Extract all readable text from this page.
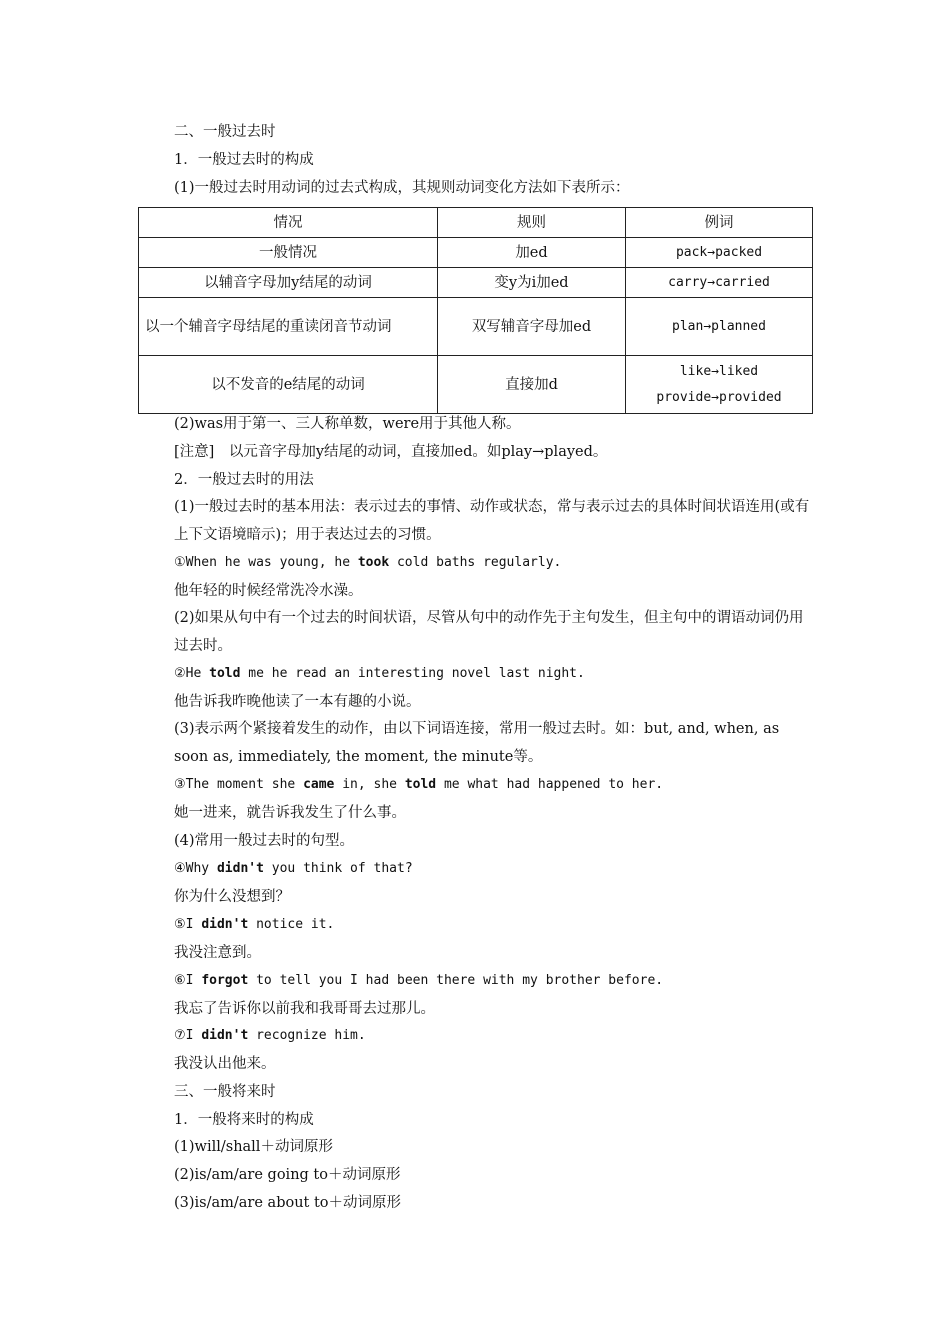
二、一般过去时
1．一般过去时的构成
(1)一般过去时用动词的过去式构成，其规则动词变化方法如下表所示：
情况	规则	例词
一般情况	加ed	pack→packed
以辅音字母加y结尾的动词	变y为i加ed	carry→carried
以一个辅音字母结尾的重读闭音节动词	双写辅音字母加ed	plan→planned
以不发音的e结尾的动词	直接加d	like→liked
provide→provided
(2)was用于第一、三人称单数，were用于其他人称。
[注意]　以元音字母加y结尾的动词，直接加ed。如play→played。
2．一般过去时的用法
(1)一般过去时的基本用法：表示过去的事情、动作或状态，常与表示过去的具体时间状语连用(或有上下文语境暗示)；用于表达过去的习惯。
①When he was young, he took cold baths regularly.
他年轻的时候经常洗冷水澡。
(2)如果从句中有一个过去的时间状语，尽管从句中的动作先于主句发生，但主句中的谓语动词仍用过去时。
②He told me he read an interesting novel last night.
他告诉我昨晚他读了一本有趣的小说。
(3)表示两个紧接着发生的动作，由以下词语连接，常用一般过去时。如：but, and, when, as soon as, immediately, the moment, the minute等。
③The moment she came in, she told me what had happened to her.
她一进来，就告诉我发生了什么事。
(4)常用一般过去时的句型。
④Why didn't you think of that?
你为什么没想到？
⑤I didn't notice it.
我没注意到。
⑥I forgot to tell you I had been there with my brother before.
我忘了告诉你以前我和我哥哥去过那儿。
⑦I didn't recognize him.
我没认出他来。
三、一般将来时
1．一般将来时的构成
(1)will/shall＋动词原形
(2)is/am/are going to＋动词原形
(3)is/am/are about to＋动词原形
